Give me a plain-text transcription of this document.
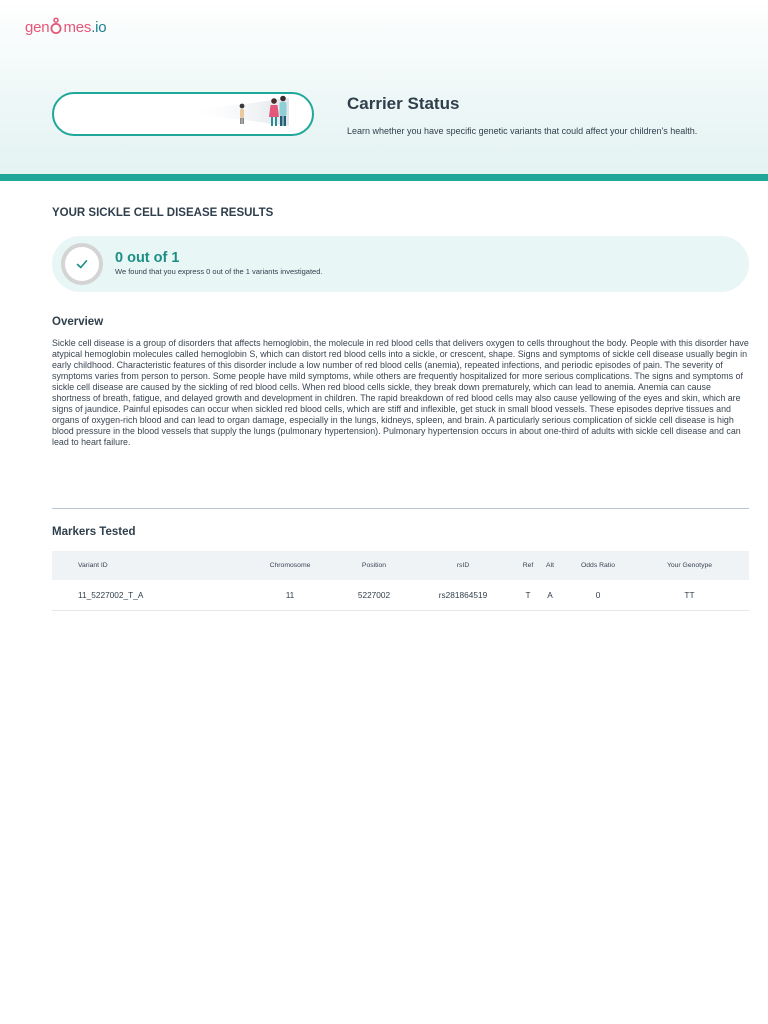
gen mes.io
Carrier Status
Learn whether you have specific genetic variants that could affect your children's health.
YOUR SICKLE CELL DISEASE RESULTS
0 out of 1
We found that you express 0 out of the 1 variants investigated.
Overview
Sickle cell disease is a group of disorders that affects hemoglobin, the molecule in red blood cells that delivers oxygen to cells throughout the body. People with this disorder have atypical hemoglobin molecules called hemoglobin S, which can distort red blood cells into a sickle, or crescent, shape. Signs and symptoms of sickle cell disease usually begin in early childhood. Characteristic features of this disorder include a low number of red blood cells (anemia), repeated infections, and periodic episodes of pain. The severity of symptoms varies from person to person. Some people have mild symptoms, while others are frequently hospitalized for more serious complications. The signs and symptoms of sickle cell disease are caused by the sickling of red blood cells. When red blood cells sickle, they break down prematurely, which can lead to anemia. Anemia can cause shortness of breath, fatigue, and delayed growth and development in children. The rapid breakdown of red blood cells may also cause yellowing of the eyes and skin, which are signs of jaundice. Painful episodes can occur when sickled red blood cells, which are stiff and inflexible, get stuck in small blood vessels. These episodes deprive tissues and organs of oxygen-rich blood and can lead to organ damage, especially in the lungs, kidneys, spleen, and brain. A particularly serious complication of sickle cell disease is high blood pressure in the blood vessels that supply the lungs (pulmonary hypertension). Pulmonary hypertension occurs in about one-third of adults with sickle cell disease and can lead to heart failure.
Markers Tested
Variant ID	Chromosome	Position	rsID	Ref	Alt	Odds Ratio	Your Genotype
11_5227002_T_A	11	5227002	rs281864519	T	A	0	TT
